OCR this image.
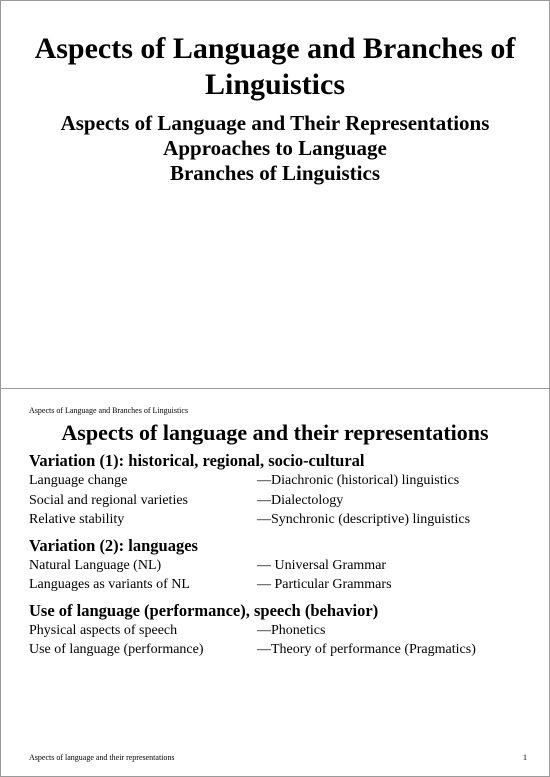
Aspects of Language and Branches of Linguistics
Aspects of Language and Their Representations
Approaches to Language
Branches of Linguistics
Aspects of Language and Branches of Linguistics
Aspects of language and their representations

Variation (1): historical, regional, socio-cultural

Language change	—Diachronic (historical) linguistics
Social and regional varieties	—Dialectology
Relative stability	—Synchronic (descriptive) linguistics

Variation (2): languages

Natural Language (NL)	— Universal Grammar
Languages as variants of NL	— Particular Grammars

Use of language (performance), speech (behavior)

Physical aspects of speech	—Phonetics
Use of language (performance)	—Theory of performance (Pragmatics)
Aspects of language and their representations	1
